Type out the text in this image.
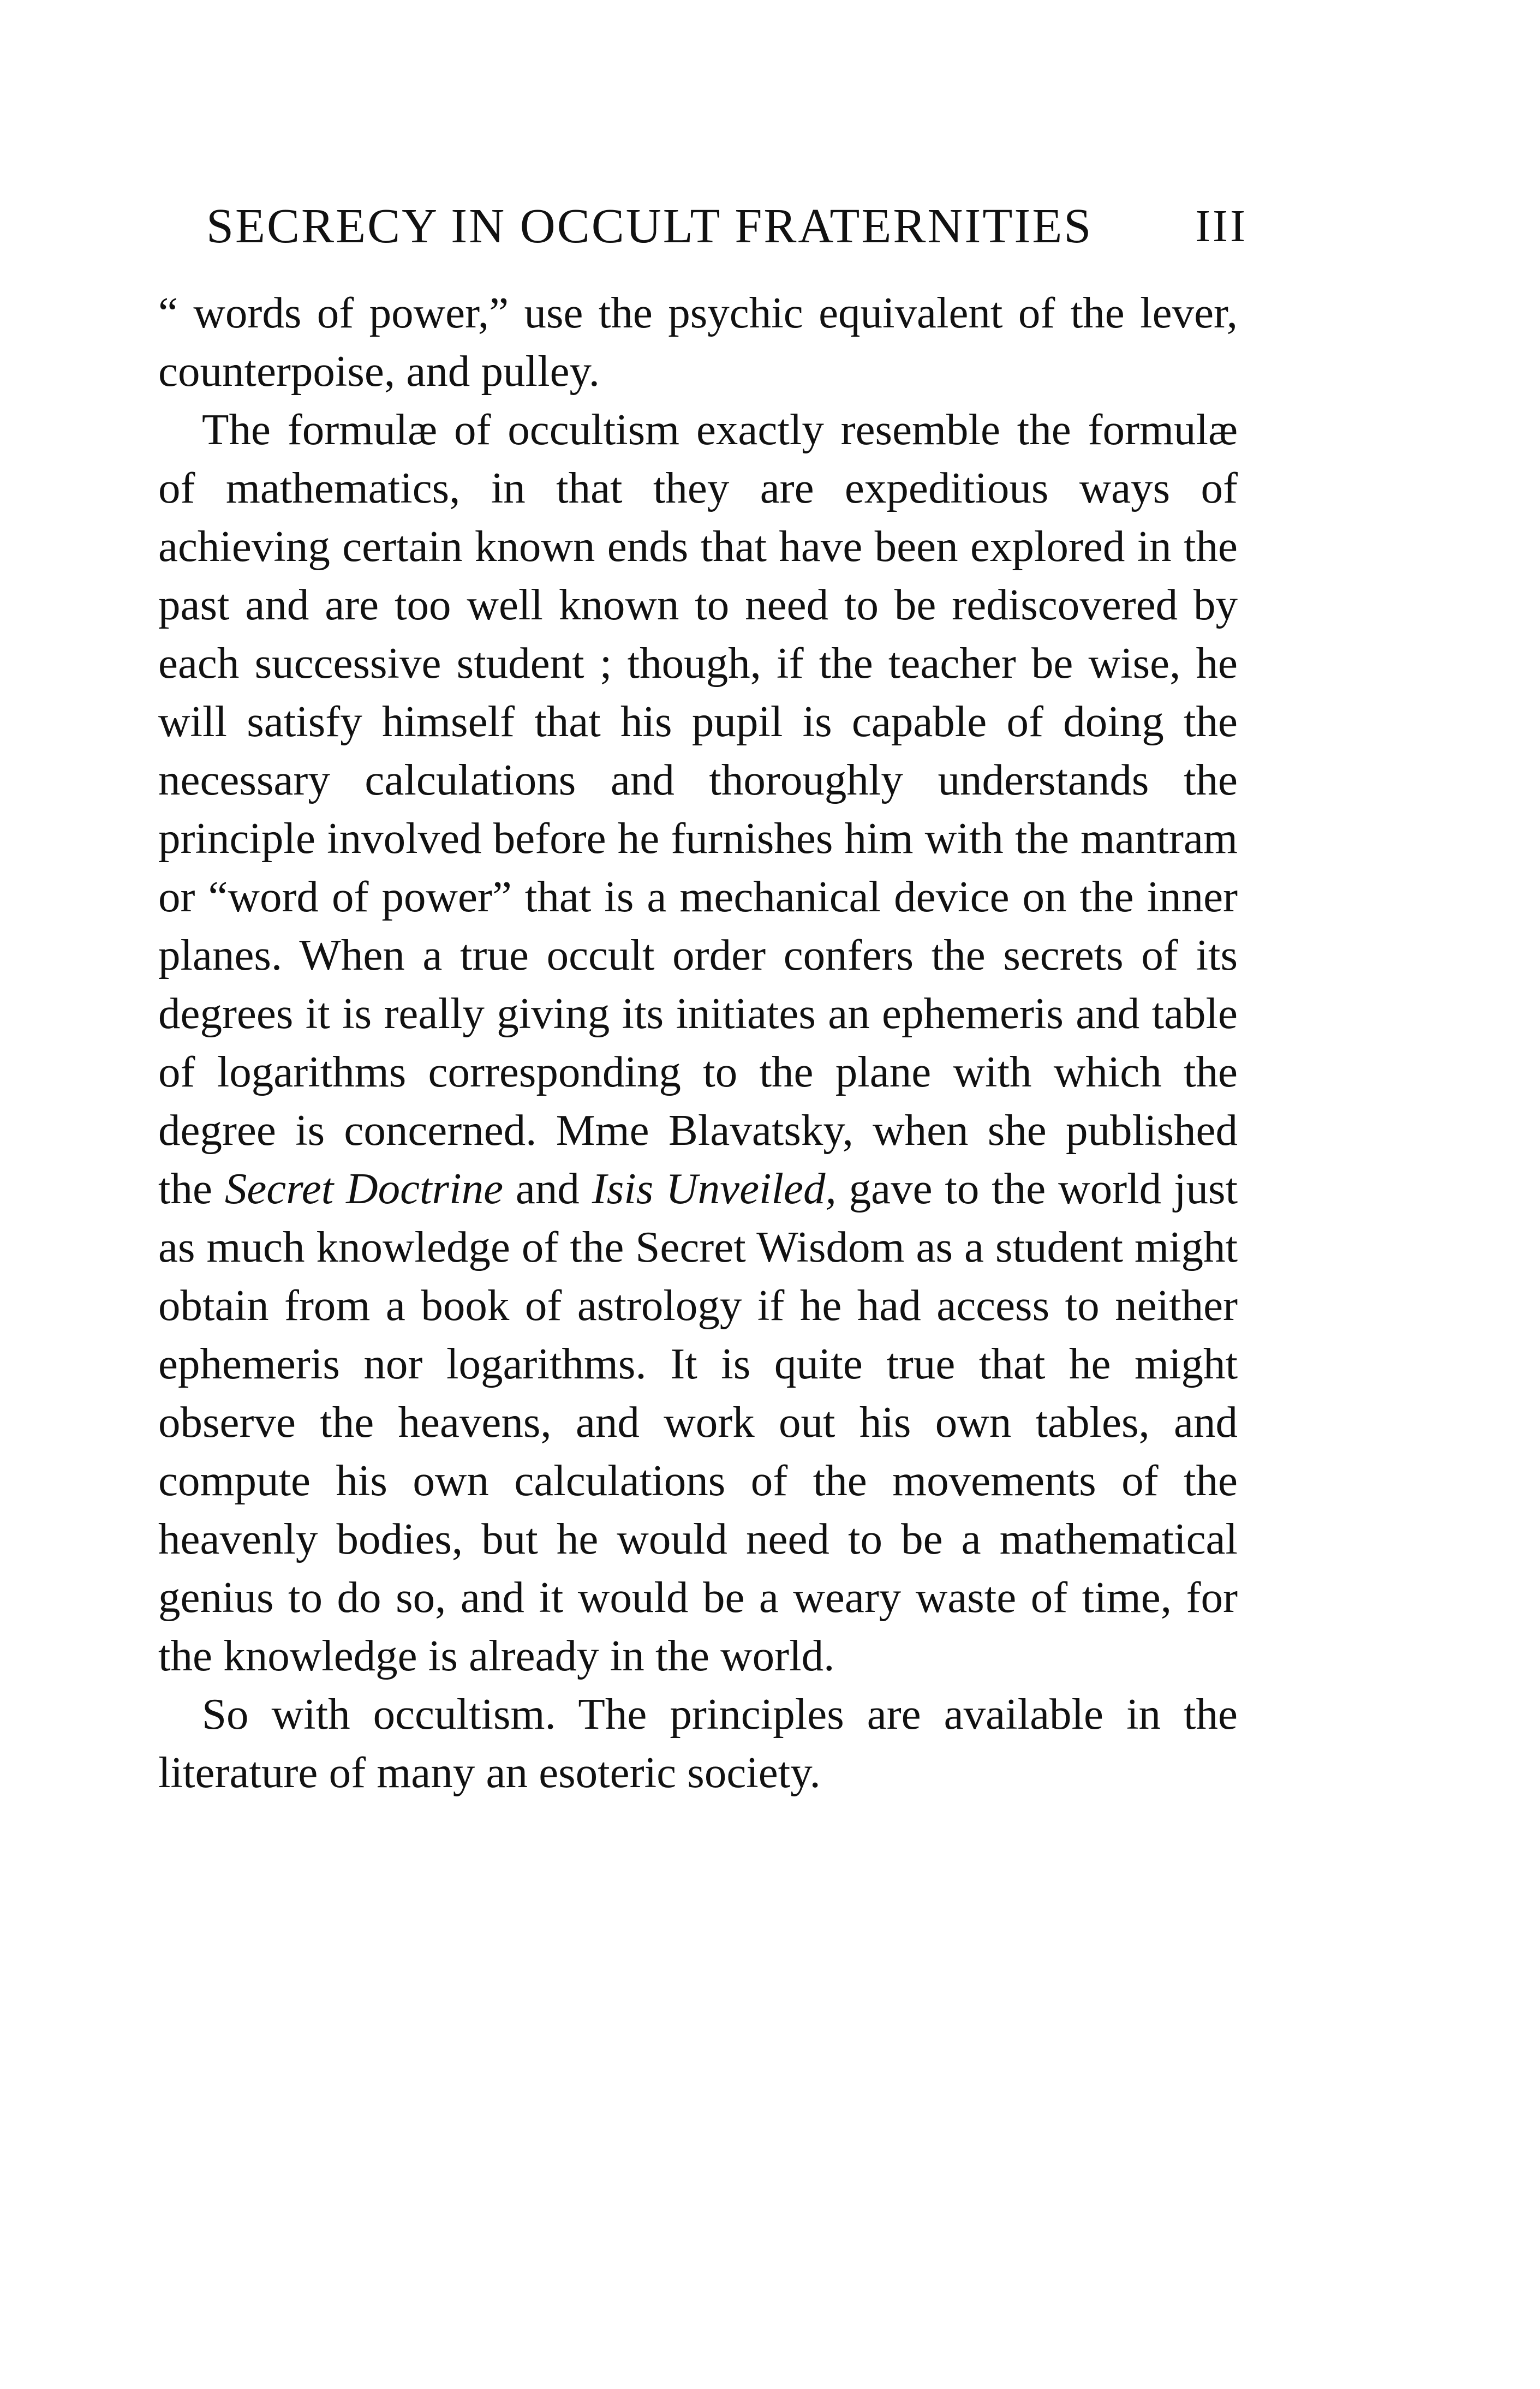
SECRECY IN OCCULT FRATERNITIES III

“ words of power,” use the psychic equivalent of the lever, counterpoise, and pulley.

The formulæ of occultism exactly resemble the formulæ of mathematics, in that they are expeditious ways of achieving certain known ends that have been explored in the past and are too well known to need to be rediscovered by each successive student ; though, if the teacher be wise, he will satisfy himself that his pupil is capable of doing the necessary calculations and thoroughly understands the principle involved before he furnishes him with the mantram or “word of power” that is a mechanical device on the inner planes. When a true occult order confers the secrets of its degrees it is really giving its initiates an ephemeris and table of logarithms corresponding to the plane with which the degree is concerned. Mme Blavatsky, when she published the Secret Doctrine and Isis Unveiled, gave to the world just as much knowledge of the Secret Wisdom as a student might obtain from a book of astrology if he had access to neither ephemeris nor logarithms. It is quite true that he might observe the heavens, and work out his own tables, and compute his own calculations of the movements of the heavenly bodies, but he would need to be a mathematical genius to do so, and it would be a weary waste of time, for the knowledge is already in the world.

So with occultism. The principles are available in the literature of many an esoteric society.
